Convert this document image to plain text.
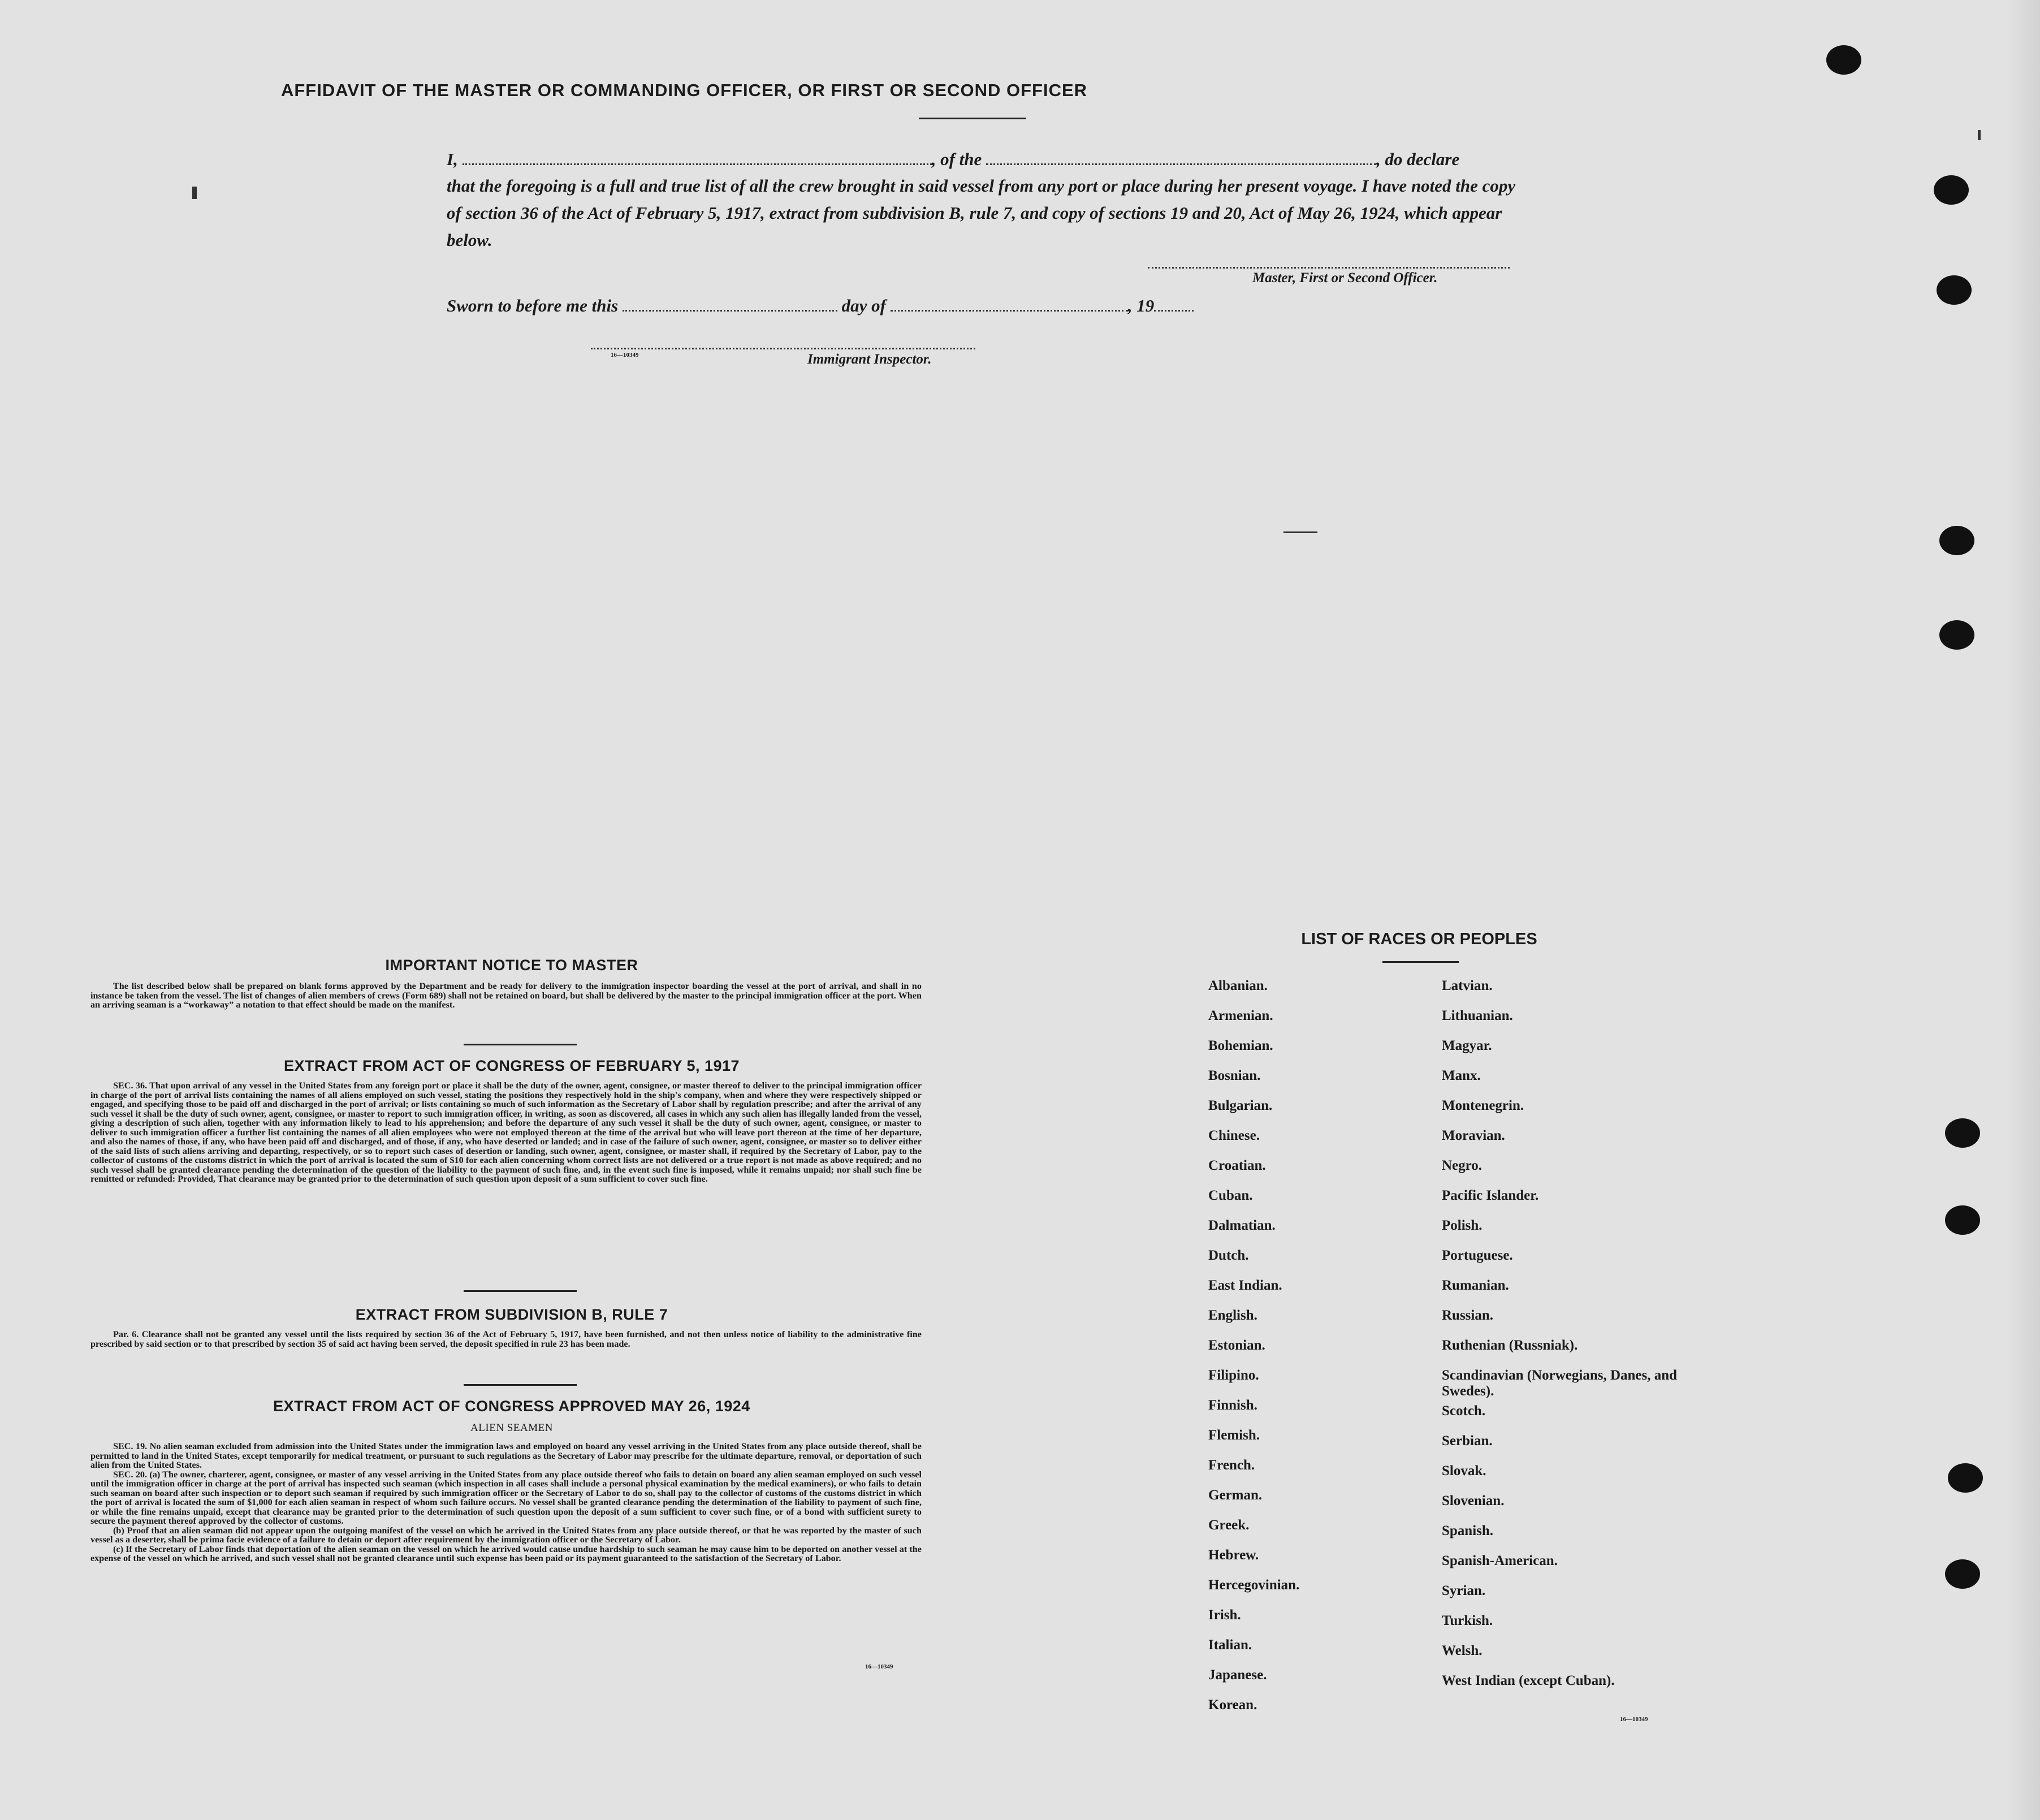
AFFIDAVIT OF THE MASTER OR COMMANDING OFFICER, OR FIRST OR SECOND OFFICER
I,	, of the	, do declare
that the foregoing is a full and true list of all the crew brought in said vessel from any port or place during her present voyage. I have noted the copy of section 36 of the Act of February 5, 1917, extract from subdivision B, rule 7, and copy of sections 19 and 20, Act of May 26, 1924, which appear below.
Master, First or Second Officer.
Sworn to before me this	day of	, 19
16—10349	Immigrant Inspector.
IMPORTANT NOTICE TO MASTER

The list described below shall be prepared on blank forms approved by the Department and be ready for delivery to the immigration inspector boarding the vessel at the port of arrival, and shall in no instance be taken from the vessel. The list of changes of alien members of crews (Form 689) shall not be retained on board, but shall be delivered by the master to the principal immigration officer at the port. When an arriving seaman is a “workaway” a notation to that effect should be made on the manifest.

EXTRACT FROM ACT OF CONGRESS OF FEBRUARY 5, 1917

SEC. 36. That upon arrival of any vessel in the United States from any foreign port or place it shall be the duty of the owner, agent, consignee, or master thereof to deliver to the principal immigration officer in charge of the port of arrival lists containing the names of all aliens employed on such vessel, stating the positions they respectively hold in the ship's company, when and where they were respectively shipped or engaged, and specifying those to be paid off and discharged in the port of arrival; or lists containing so much of such information as the Secretary of Labor shall by regulation prescribe; and after the arrival of any such vessel it shall be the duty of such owner, agent, consignee, or master to report to such immigration officer, in writing, as soon as discovered, all cases in which any such alien has illegally landed from the vessel, giving a description of such alien, together with any information likely to lead to his apprehension; and before the departure of any such vessel it shall be the duty of such owner, agent, consignee, or master to deliver to such immigration officer a further list containing the names of all alien employees who were not employed thereon at the time of the arrival but who will leave port thereon at the time of her departure, and also the names of those, if any, who have been paid off and discharged, and of those, if any, who have deserted or landed; and in case of the failure of such owner, agent, consignee, or master so to deliver either of the said lists of such aliens arriving and departing, respectively, or so to report such cases of desertion or landing, such owner, agent, consignee, or master shall, if required by the Secretary of Labor, pay to the collector of customs of the customs district in which the port of arrival is located the sum of $10 for each alien concerning whom correct lists are not delivered or a true report is not made as above required; and no such vessel shall be granted clearance pending the determination of the question of the liability to the payment of such fine, and, in the event such fine is imposed, while it remains unpaid; nor shall such fine be remitted or refunded: Provided, That clearance may be granted prior to the determination of such question upon deposit of a sum sufficient to cover such fine.

EXTRACT FROM SUBDIVISION B, RULE 7

Par. 6. Clearance shall not be granted any vessel until the lists required by section 36 of the Act of February 5, 1917, have been furnished, and not then unless notice of liability to the administrative fine prescribed by said section or to that prescribed by section 35 of said act having been served, the deposit specified in rule 23 has been made.

EXTRACT FROM ACT OF CONGRESS APPROVED MAY 26, 1924
ALIEN SEAMEN

SEC. 19. No alien seaman excluded from admission into the United States under the immigration laws and employed on board any vessel arriving in the United States from any place outside thereof, shall be permitted to land in the United States, except temporarily for medical treatment, or pursuant to such regulations as the Secretary of Labor may prescribe for the ultimate departure, removal, or deportation of such alien from the United States.

SEC. 20. (a) The owner, charterer, agent, consignee, or master of any vessel arriving in the United States from any place outside thereof who fails to detain on board any alien seaman employed on such vessel until the immigration officer in charge at the port of arrival has inspected such seaman (which inspection in all cases shall include a personal physical examination by the medical examiners), or who fails to detain such seaman on board after such inspection or to deport such seaman if required by such immigration officer or the Secretary of Labor to do so, shall pay to the collector of customs of the customs district in which the port of arrival is located the sum of $1,000 for each alien seaman in respect of whom such failure occurs. No vessel shall be granted clearance pending the determination of the liability to payment of such fine, or while the fine remains unpaid, except that clearance may be granted prior to the determination of such question upon the deposit of a sum sufficient to cover such fine, or of a bond with sufficient surety to secure the payment thereof approved by the collector of customs.

(b) Proof that an alien seaman did not appear upon the outgoing manifest of the vessel on which he arrived in the United States from any place outside thereof, or that he was reported by the master of such vessel as a deserter, shall be prima facie evidence of a failure to detain or deport after requirement by the immigration officer or the Secretary of Labor.

(c) If the Secretary of Labor finds that deportation of the alien seaman on the vessel on which he arrived would cause undue hardship to such seaman he may cause him to be deported on another vessel at the expense of the vessel on which he arrived, and such vessel shall not be granted clearance until such expense has been paid or its payment guaranteed to the satisfaction of the Secretary of Labor.

16—10349
LIST OF RACES OR PEOPLES
Albanian.
Armenian.
Bohemian.
Bosnian.
Bulgarian.
Chinese.
Croatian.
Cuban.
Dalmatian.
Dutch.
East Indian.
English.
Estonian.
Filipino.
Finnish.
Flemish.
French.
German.
Greek.
Hebrew.
Hercegovinian.
Irish.
Italian.
Japanese.
Korean.
Latvian.
Lithuanian.
Magyar.
Manx.
Montenegrin.
Moravian.
Negro.
Pacific Islander.
Polish.
Portuguese.
Rumanian.
Russian.
Ruthenian (Russniak).
Scandinavian (Norwegians, Danes, and Swedes).
Scotch.
Serbian.
Slovak.
Slovenian.
Spanish.
Spanish-American.
Syrian.
Turkish.
Welsh.
West Indian (except Cuban).
16—10349
